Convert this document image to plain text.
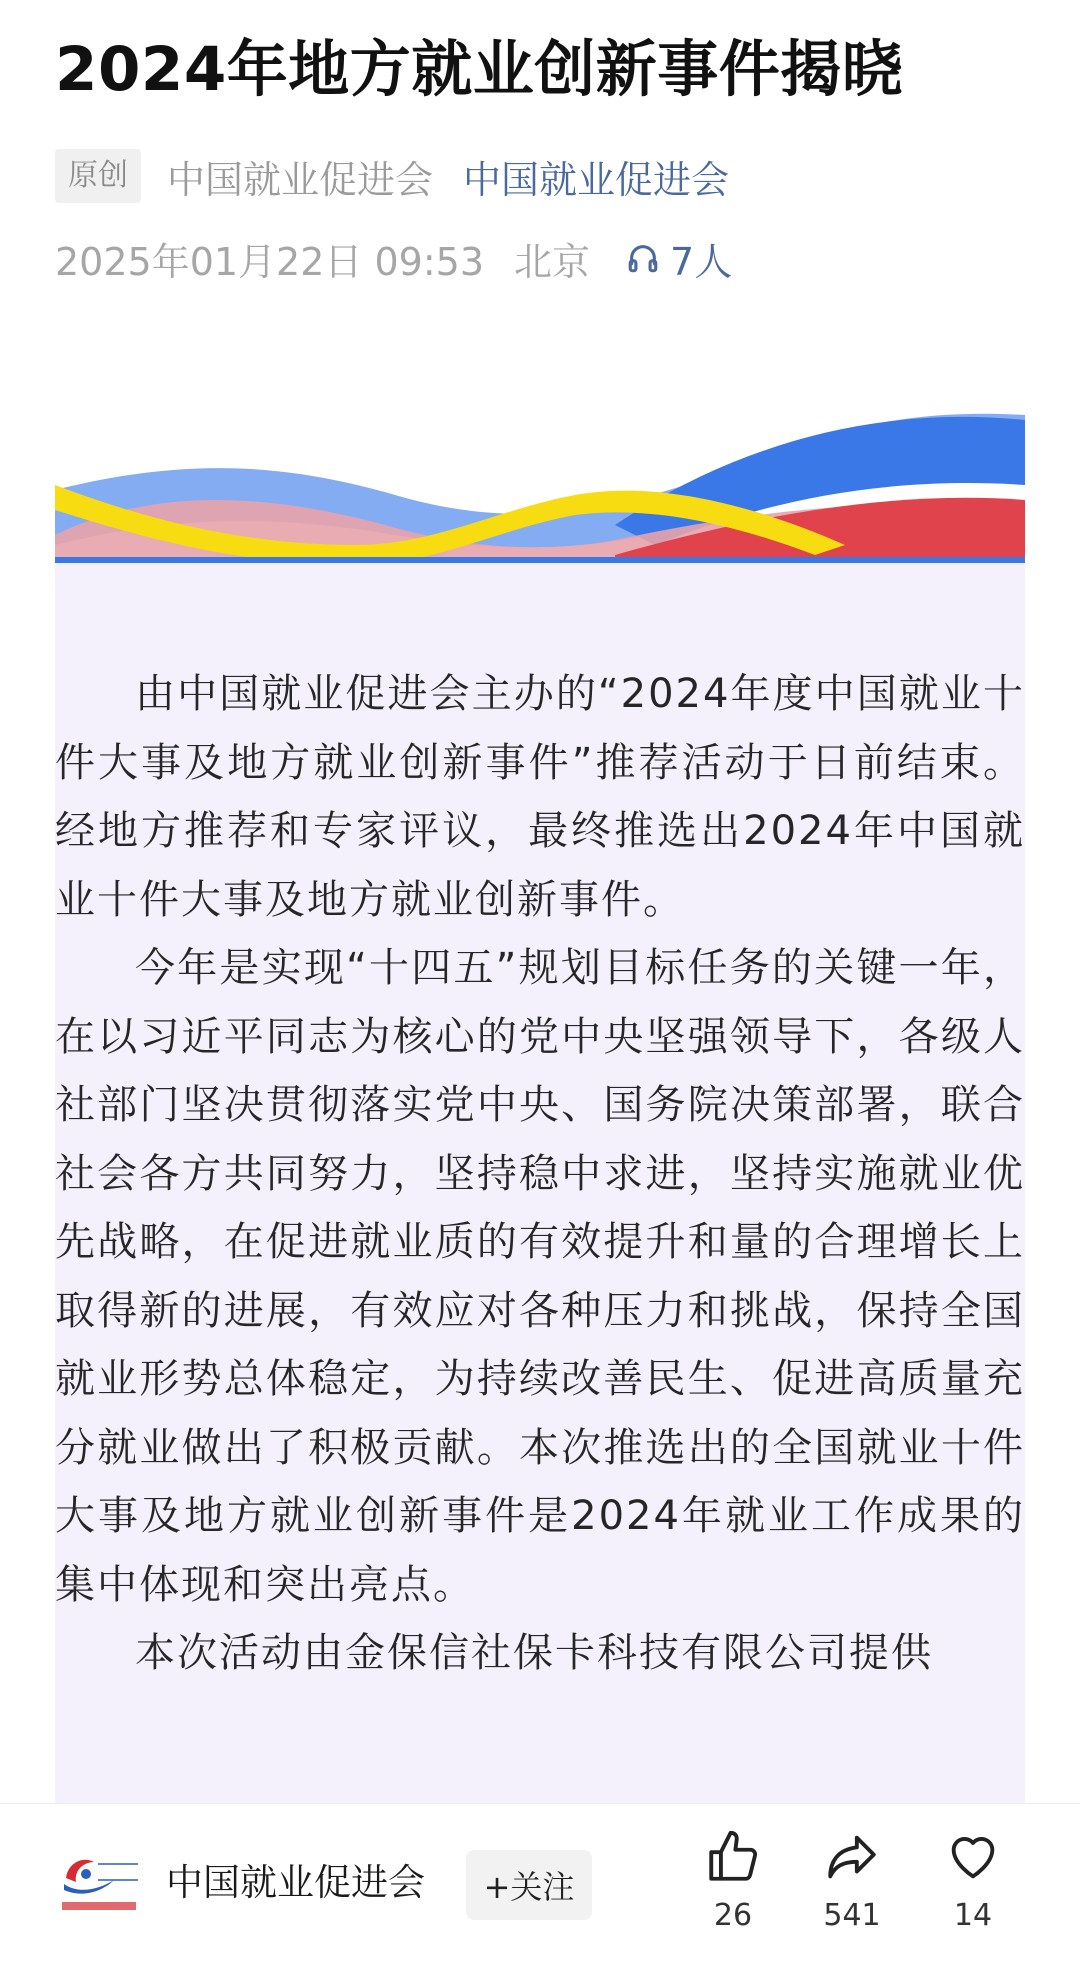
2024年地方就业创新事件揭晓
原创	中国就业促进会 中国就业促进会
2025年01月22日 09:53 北京 7人

由中国就业促进会主办的“2024年度中国就业十件大事及地方就业创新事件”推荐活动于日前结束。经地方推荐和专家评议，最终推选出2024年中国就业十件大事及地方就业创新事件。

今年是实现“十四五”规划目标任务的关键一年，在以习近平同志为核心的党中央坚强领导下，各级人社部门坚决贯彻落实党中央、国务院决策部署，联合社会各方共同努力，坚持稳中求进，坚持实施就业优先战略，在促进就业质的有效提升和量的合理增长上取得新的进展，有效应对各种压力和挑战，保持全国就业形势总体稳定，为持续改善民生、促进高质量充分就业做出了积极贡献。本次推选出的全国就业十件大事及地方就业创新事件是2024年就业工作成果的集中体现和突出亮点。

本次活动由金保信社保卡科技有限公司提供

中国就业促进会	+关注
26	541	14
